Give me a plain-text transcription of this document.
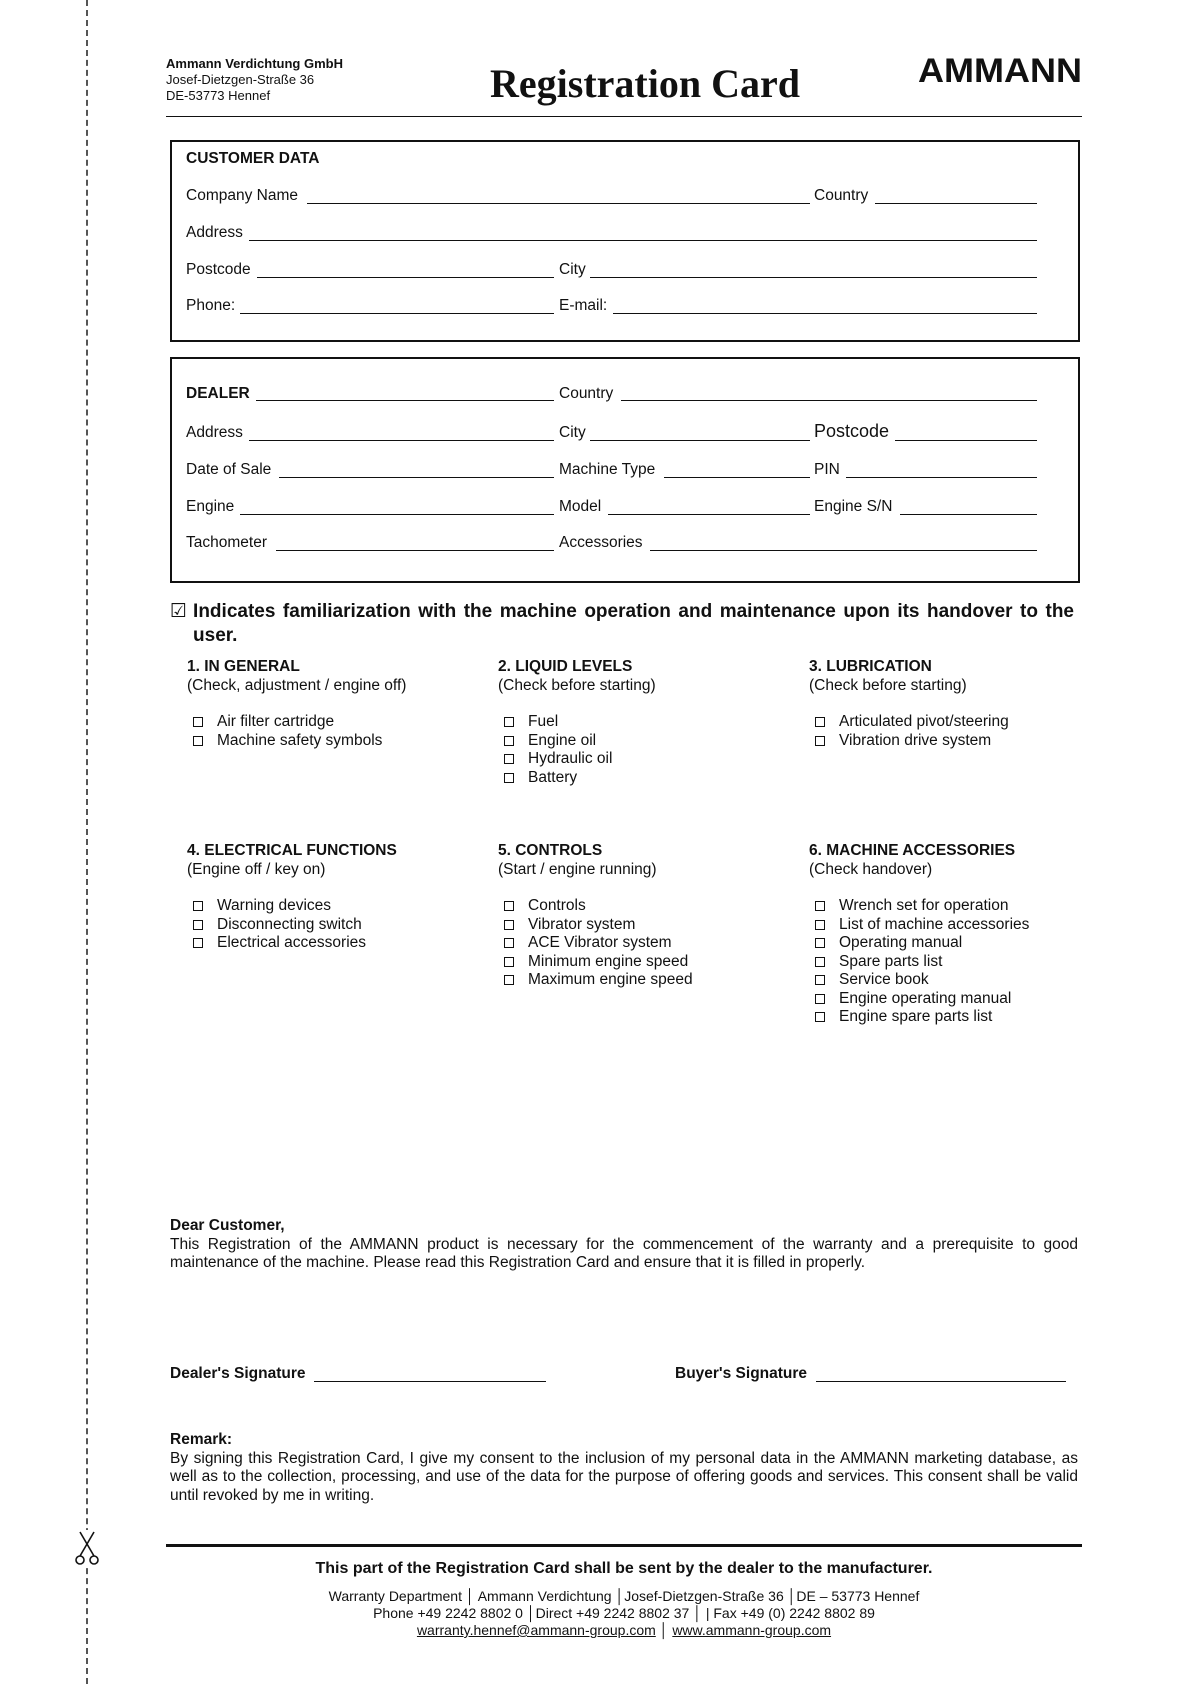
Ammann Verdichtung GmbH
Josef-Dietzgen-Straße 36
DE-53773 Hennef	Registration Card	AMMANN
CUSTOMER DATA
Company Name	Country
Address
Postcode	City
Phone:	E-mail:
DEALER	Country
Address	City	Postcode
Date of Sale	Machine Type	PIN
Engine	Model	Engine S/N
Tachometer	Accessories
☑ Indicates familiarization with the machine operation and maintenance upon its handover to the user.
1. IN GENERAL
(Check, adjustment / engine off)
Air filter cartridge
Machine safety symbols
2. LIQUID LEVELS
(Check before starting)
Fuel
Engine oil
Hydraulic oil
Battery
3. LUBRICATION
(Check before starting)
Articulated pivot/steering
Vibration drive system
4. ELECTRICAL FUNCTIONS
(Engine off / key on)
Warning devices
Disconnecting switch
Electrical accessories
5. CONTROLS
(Start / engine running)
Controls
Vibrator system
ACE Vibrator system
Minimum engine speed
Maximum engine speed
6. MACHINE ACCESSORIES
(Check handover)
Wrench set for operation
List of machine accessories
Operating manual
Spare parts list
Service book
Engine operating manual
Engine spare parts list
Dear Customer,
This Registration of the AMMANN product is necessary for the commencement of the warranty and a prerequisite to good maintenance of the machine. Please read this Registration Card and ensure that it is filled in properly.
Dealer's Signature	Buyer's Signature
Remark:
By signing this Registration Card, I give my consent to the inclusion of my personal data in the AMMANN marketing database, as well as to the collection, processing, and use of the data for the purpose of offering goods and services. This consent shall be valid until revoked by me in writing.
This part of the Registration Card shall be sent by the dealer to the manufacturer.
Warranty Department │ Ammann Verdichtung │Josef-Dietzgen-Straße 36 │DE – 53773 Hennef
Phone +49 2242 8802 0 │Direct +49 2242 8802 37 │ | Fax +49 (0) 2242 8802 89
warranty.hennef@ammann-group.com │ www.ammann-group.com
